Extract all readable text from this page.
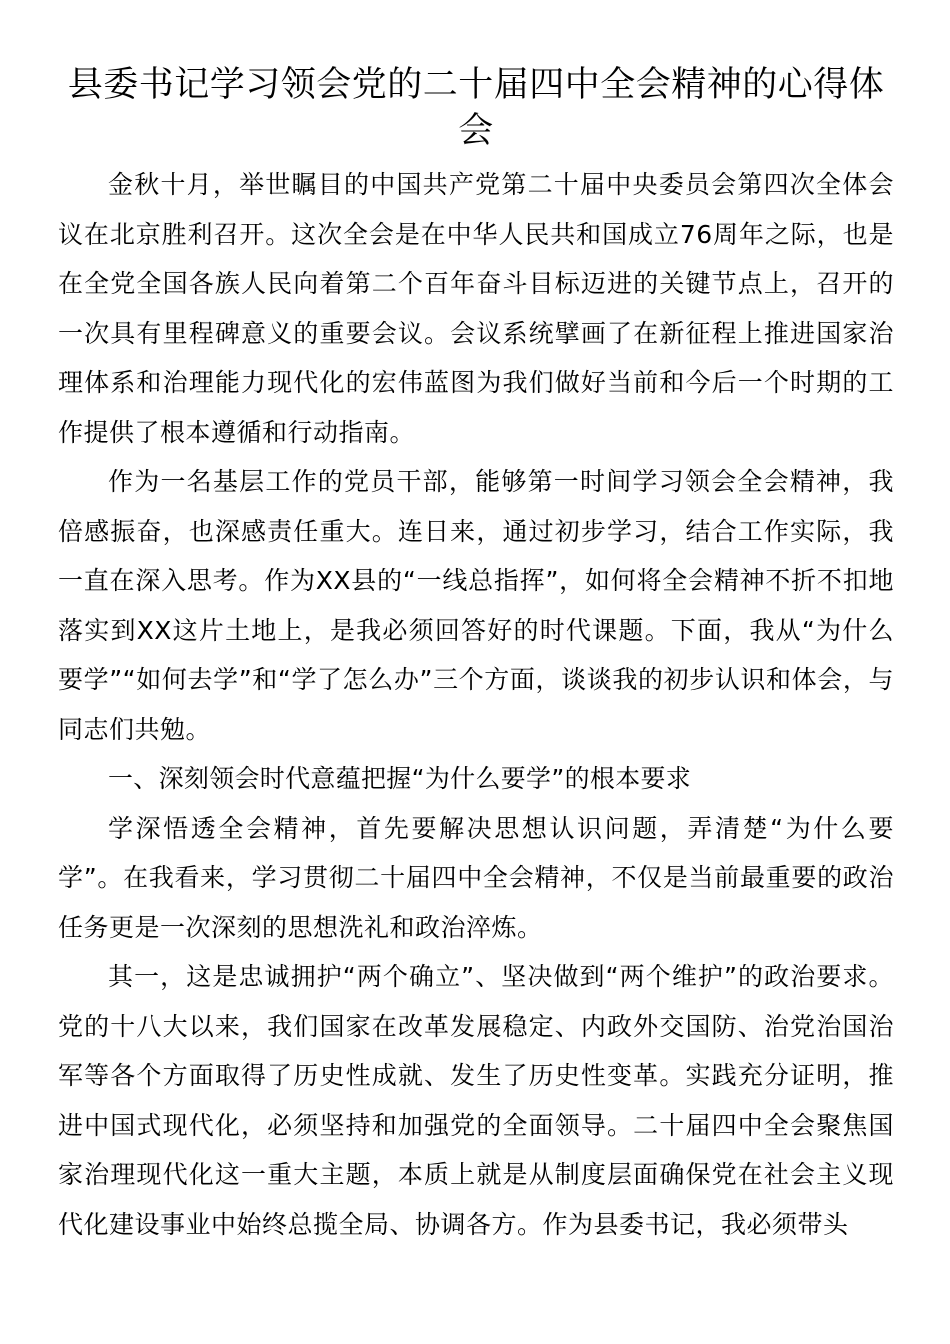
县委书记学习领会党的二十届四中全会精神的心得体会

金秋十月，举世瞩目的中国共产党第二十届中央委员会第四次全体会议在北京胜利召开。这次全会是在中华人民共和国成立76周年之际，也是在全党全国各族人民向着第二个百年奋斗目标迈进的关键节点上，召开的一次具有里程碑意义的重要会议。会议系统擘画了在新征程上推进国家治理体系和治理能力现代化的宏伟蓝图为我们做好当前和今后一个时期的工作提供了根本遵循和行动指南。

作为一名基层工作的党员干部，能够第一时间学习领会全会精神，我倍感振奋，也深感责任重大。连日来，通过初步学习，结合工作实际，我一直在深入思考。作为XX县的“一线总指挥”，如何将全会精神不折不扣地落实到XX这片土地上，是我必须回答好的时代课题。下面，我从“为什么要学”“如何去学”和“学了怎么办”三个方面，谈谈我的初步认识和体会，与同志们共勉。

一、深刻领会时代意蕴把握“为什么要学”的根本要求

学深悟透全会精神，首先要解决思想认识问题，弄清楚“为什么要学”。在我看来，学习贯彻二十届四中全会精神，不仅是当前最重要的政治任务更是一次深刻的思想洗礼和政治淬炼。

其一，这是忠诚拥护“两个确立”、坚决做到“两个维护”的政治要求。党的十八大以来，我们国家在改革发展稳定、内政外交国防、治党治国治军等各个方面取得了历史性成就、发生了历史性变革。实践充分证明，推进中国式现代化，必须坚持和加强党的全面领导。二十届四中全会聚焦国家治理现代化这一重大主题，本质上就是从制度层面确保党在社会主义现代化建设事业中始终总揽全局、协调各方。作为县委书记，我必须带头
